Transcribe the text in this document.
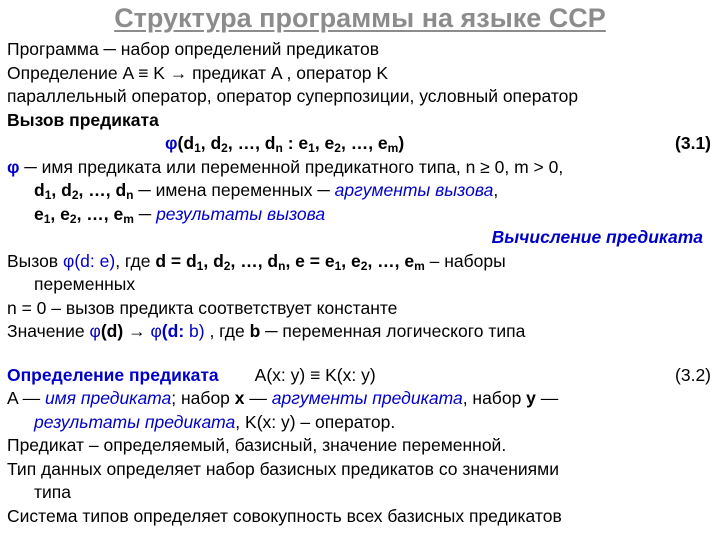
Структура программы на языке CCP
Программа ─ набор определений предикатов
Определение A ≡ K → предикат A , оператор K
параллельный оператор, оператор суперпозиции, условный оператор
Вызов предиката
$\varphi(d_1$, $d_2$, …, $d_n$ : $e_1$, $e_2$, …, $e_m$)	(3.1)
φ ─ имя предиката или переменной предикатного типа, n ≥ 0, m > 0,
$d_1$, $d_2$, …, $d_n$ ─ имена переменных ─ аргументы вызова,
$e_1$, $e_2$, …, $e_m$ ─ результаты вызова
Вычисление предиката
Вызов φ(d: e), где $d = d_1$, $d_2$, …, $d_n$, $e = e_1$, $e_2$, …, $e_m$ – наборы
переменных
n = 0 – вызов предикта соответствует константе
Значение φ(d) → φ(d: b) , где b ─ переменная логического типа
Определение предиката A(x: y) ≡ K(x: y)	(3.2)
A — имя предиката; набор x — аргументы предиката, набор y —
результаты предиката, K(x: y) – оператор.
Предикат – определяемый, базисный, значение переменной.
Тип данных определяет набор базисных предикатов со значениями
типа
Система типов определяет совокупность всех базисных предикатов
